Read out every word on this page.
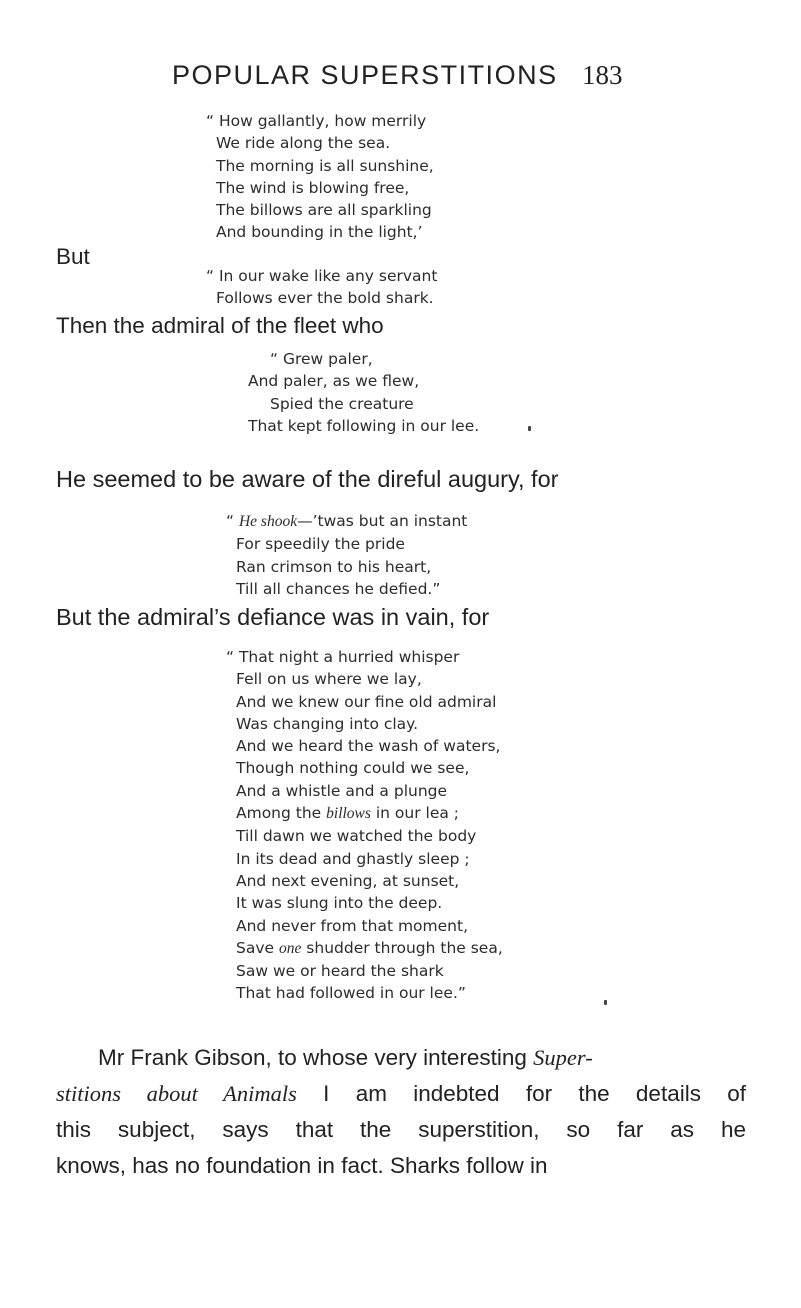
POPULAR SUPERSTITIONS 183
“ How gallantly, how merrily
We ride along the sea.
The morning is all sunshine,
The wind is blowing free,
The billows are all sparkling
And bounding in the light,’
But
“ In our wake like any servant
Follows ever the bold shark.
Then the admiral of the fleet who
“ Grew paler,
And paler, as we flew,
Spied the creature
That kept following in our lee.
He seemed to be aware of the direful augury, for
“ He shook—’twas but an instant
For speedily the pride
Ran crimson to his heart,
Till all chances he defied.”
But the admiral’s defiance was in vain, for
“ That night a hurried whisper
Fell on us where we lay,
And we knew our fine old admiral
Was changing into clay.
And we heard the wash of waters,
Though nothing could we see,
And a whistle and a plunge
Among the billows in our lea ;
Till dawn we watched the body
In its dead and ghastly sleep ;
And next evening, at sunset,
It was slung into the deep.
And never from that moment,
Save one shudder through the sea,
Saw we or heard the shark
That had followed in our lee.”
Mr Frank Gibson, to whose very interesting Super-
stitions about Animals I am indebted for the details of
this subject, says that the superstition, so far as he
knows, has no foundation in fact. Sharks follow in
